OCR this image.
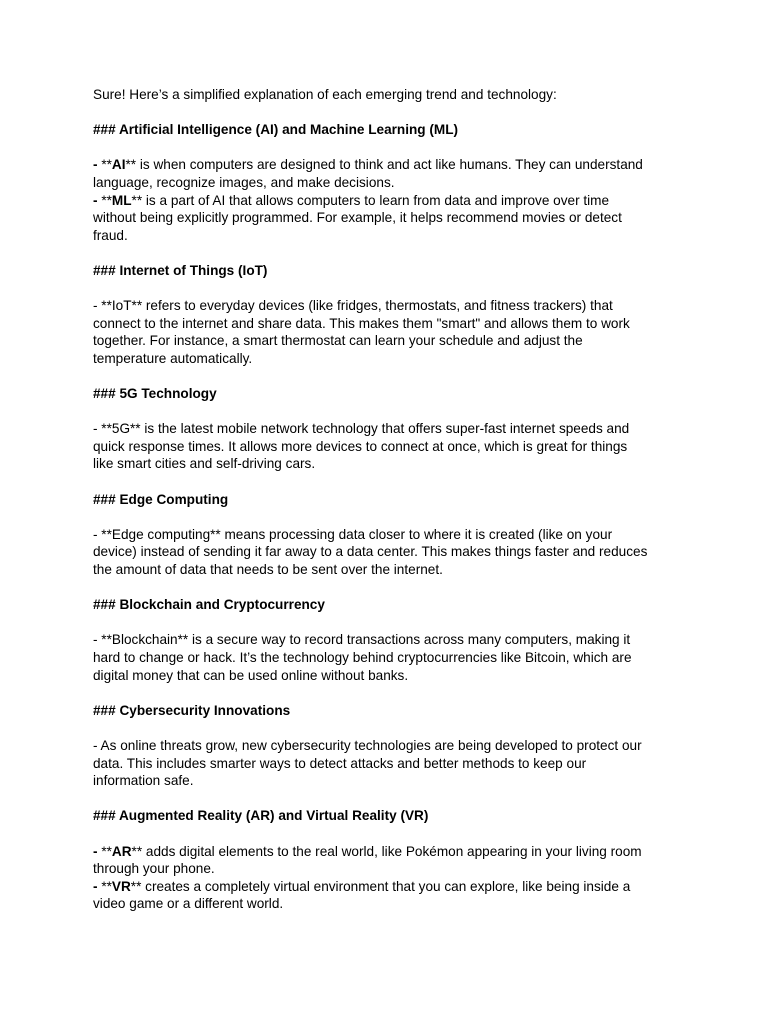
Sure! Here’s a simplified explanation of each emerging trend and technology:

### Artificial Intelligence (AI) and Machine Learning (ML)

- **AI** is when computers are designed to think and act like humans. They can understand
language, recognize images, and make decisions.

- **ML** is a part of AI that allows computers to learn from data and improve over time
without being explicitly programmed. For example, it helps recommend movies or detect
fraud.

### Internet of Things (IoT)

- **IoT** refers to everyday devices (like fridges, thermostats, and fitness trackers) that
connect to the internet and share data. This makes them "smart" and allows them to work
together. For instance, a smart thermostat can learn your schedule and adjust the
temperature automatically.

### 5G Technology

- **5G** is the latest mobile network technology that offers super-fast internet speeds and
quick response times. It allows more devices to connect at once, which is great for things
like smart cities and self-driving cars.

### Edge Computing

- **Edge computing** means processing data closer to where it is created (like on your
device) instead of sending it far away to a data center. This makes things faster and reduces
the amount of data that needs to be sent over the internet.

### Blockchain and Cryptocurrency

- **Blockchain** is a secure way to record transactions across many computers, making it
hard to change or hack. It’s the technology behind cryptocurrencies like Bitcoin, which are
digital money that can be used online without banks.

### Cybersecurity Innovations

- As online threats grow, new cybersecurity technologies are being developed to protect our
data. This includes smarter ways to detect attacks and better methods to keep our
information safe.

### Augmented Reality (AR) and Virtual Reality (VR)

- **AR** adds digital elements to the real world, like Pokémon appearing in your living room
through your phone.

- **VR** creates a completely virtual environment that you can explore, like being inside a
video game or a different world.
